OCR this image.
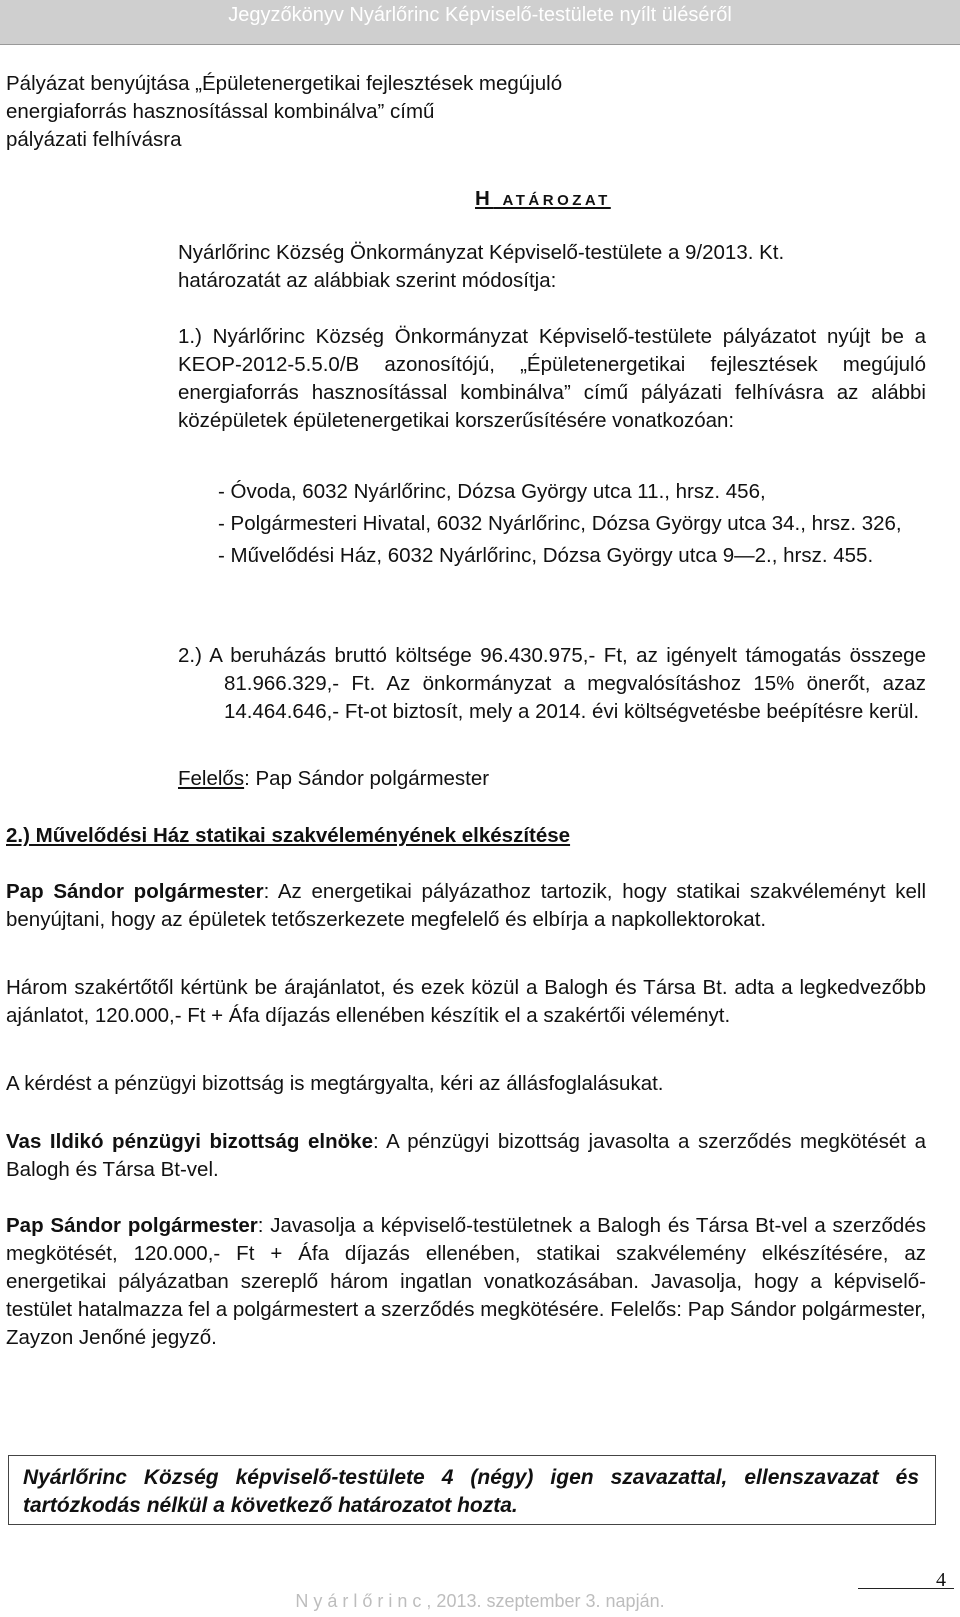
Jegyzőkönyv Nyárlőrinc Képviselő-testülete nyílt üléséről
Pályázat benyújtása „Épületenergetikai fejlesztések megújuló
energiaforrás hasznosítással kombinálva” című
pályázati felhívásra
H ATÁROZAT
Nyárlőrinc Község Önkormányzat Képviselő-testülete a 9/2013. Kt.
határozatát az alábbiak szerint módosítja:

1.) Nyárlőrinc Község Önkormányzat Képviselő-testülete pályázatot nyújt be a KEOP-2012-5.5.0/B azonosítójú, „Épületenergetikai fejlesztések megújuló energiaforrás hasznosítással kombinálva” című pályázati felhívásra az alábbi középületek épületenergetikai korszerűsítésére vonatkozóan:

- Óvoda, 6032 Nyárlőrinc, Dózsa György utca 11., hrsz. 456,
- Polgármesteri Hivatal, 6032 Nyárlőrinc, Dózsa György utca 34., hrsz. 326,
- Művelődési Ház, 6032 Nyárlőrinc, Dózsa György utca 9—2., hrsz. 455.

2.) A beruházás bruttó költsége 96.430.975,- Ft, az igényelt támogatás összege 81.966.329,- Ft. Az önkormányzat a megvalósításhoz 15% önerőt, azaz 14.464.646,- Ft-ot biztosít, mely a 2014. évi költségvetésbe beépítésre kerül.

Felelős: Pap Sándor polgármester
2.) Művelődési Ház statikai szakvéleményének elkészítése

Pap Sándor polgármester: Az energetikai pályázathoz tartozik, hogy statikai szakvéleményt kell benyújtani, hogy az épületek tetőszerkezete megfelelő és elbírja a napkollektorokat.

Három szakértőtől kértünk be árajánlatot, és ezek közül a Balogh és Társa Bt. adta a legkedvezőbb ajánlatot, 120.000,- Ft + Áfa díjazás ellenében készítik el a szakértői véleményt.

A kérdést a pénzügyi bizottság is megtárgyalta, kéri az állásfoglalásukat.

Vas Ildikó pénzügyi bizottság elnöke: A pénzügyi bizottság javasolta a szerződés megkötését a Balogh és Társa Bt-vel.

Pap Sándor polgármester: Javasolja a képviselő-testületnek a Balogh és Társa Bt-vel a szerződés megkötését, 120.000,- Ft + Áfa díjazás ellenében, statikai szakvélemény elkészítésére, az energetikai pályázatban szereplő három ingatlan vonatkozásában. Javasolja, hogy a képviselő-testület hatalmazza fel a polgármestert a szerződés megkötésére. Felelős: Pap Sándor polgármester, Zayzon Jenőné jegyző.

Nyárlőrinc Község képviselő-testülete 4 (négy) igen szavazattal, ellenszavazat és tartózkodás nélkül a következő határozatot hozta.

4
N y á r l ő r i n c , 2013. szeptember 3. napján.
